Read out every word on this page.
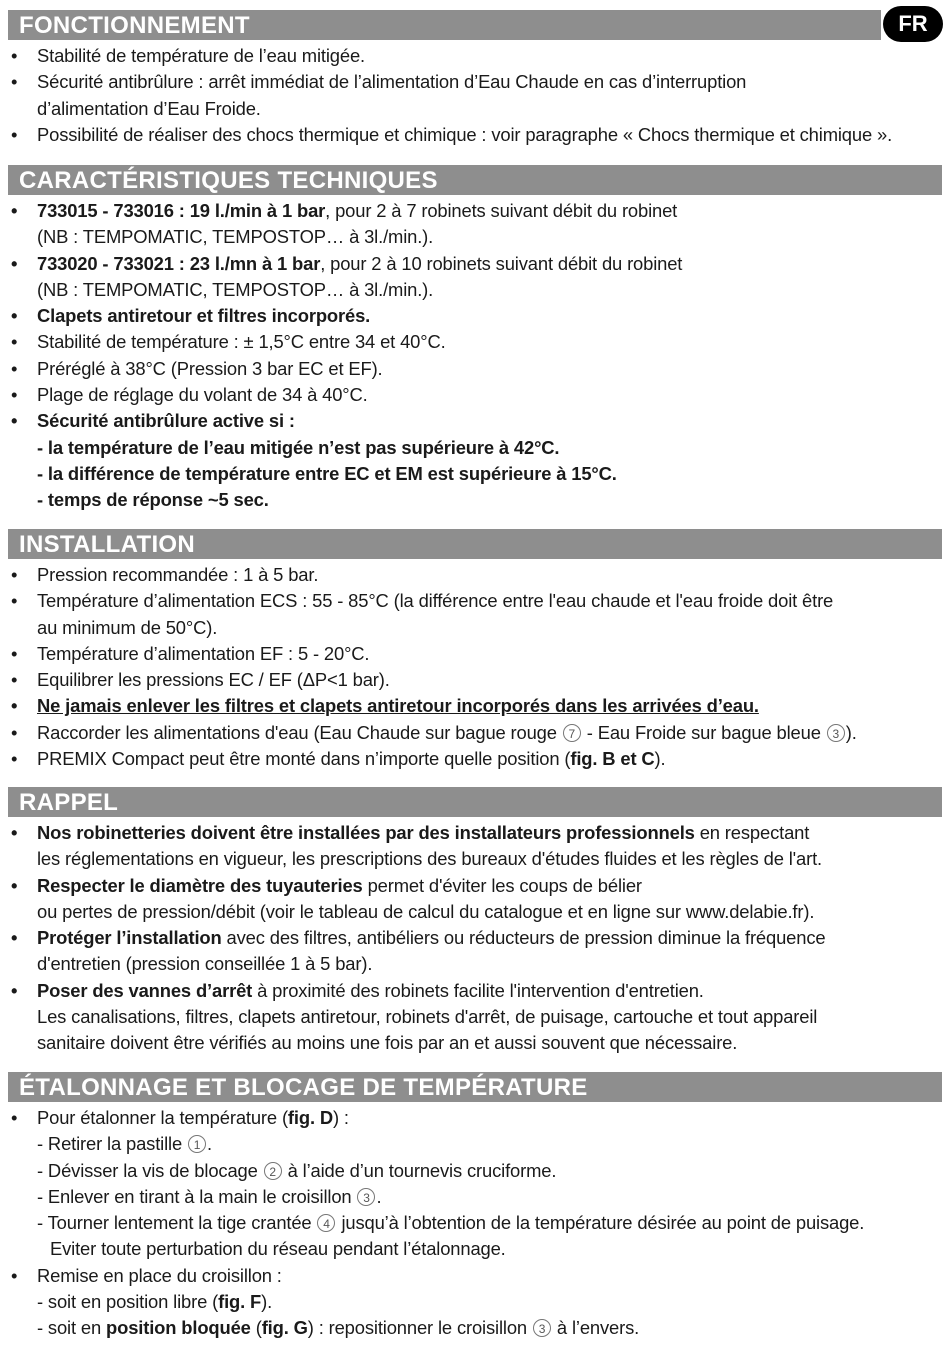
FR
FONCTIONNEMENT
• Stabilité de température de l’eau mitigée.
• Sécurité antibrûlure : arrêt immédiat de l’alimentation d’Eau Chaude en cas d’interruption
d’alimentation d’Eau Froide.
• Possibilité de réaliser des chocs thermique et chimique : voir paragraphe « Chocs thermique et chimique ».
CARACTÉRISTIQUES TECHNIQUES
• 733015 - 733016 : 19 l./min à 1 bar, pour 2 à 7 robinets suivant débit du robinet
(NB : TEMPOMATIC, TEMPOSTOP… à 3l./min.).
• 733020 - 733021 : 23 l./mn à 1 bar, pour 2 à 10 robinets suivant débit du robinet
(NB : TEMPOMATIC, TEMPOSTOP… à 3l./min.).
• Clapets antiretour et filtres incorporés.
• Stabilité de température : ± 1,5°C entre 34 et 40°C.
• Préréglé à 38°C (Pression 3 bar EC et EF).
• Plage de réglage du volant de 34 à 40°C.
• Sécurité antibrûlure active si :
- la température de l’eau mitigée n’est pas supérieure à 42°C.
- la différence de température entre EC et EM est supérieure à 15°C.
- temps de réponse ~5 sec.
INSTALLATION
• Pression recommandée : 1 à 5 bar.
• Température d’alimentation ECS : 55 - 85°C (la différence entre l'eau chaude et l'eau froide doit être
au minimum de 50°C).
• Température d’alimentation EF : 5 - 20°C.
• Equilibrer les pressions EC / EF (ΔP<1 bar).
• Ne jamais enlever les filtres et clapets antiretour incorporés dans les arrivées d’eau.
• Raccorder les alimentations d'eau (Eau Chaude sur bague rouge 7 - Eau Froide sur bague bleue 3 ).
• PREMIX Compact peut être monté dans n’importe quelle position (fig. B et C).
RAPPEL
• Nos robinetteries doivent être installées par des installateurs professionnels en respectant
les réglementations en vigueur, les prescriptions des bureaux d'études fluides et les règles de l'art.
• Respecter le diamètre des tuyauteries permet d'éviter les coups de bélier
ou pertes de pression/débit (voir le tableau de calcul du catalogue et en ligne sur www.delabie.fr).
• Protéger l’installation avec des filtres, antibéliers ou réducteurs de pression diminue la fréquence
d'entretien (pression conseillée 1 à 5 bar).
• Poser des vannes d’arrêt à proximité des robinets facilite l'intervention d'entretien.
Les canalisations, filtres, clapets antiretour, robinets d'arrêt, de puisage, cartouche et tout appareil
sanitaire doivent être vérifiés au moins une fois par an et aussi souvent que nécessaire.
ÉTALONNAGE ET BLOCAGE DE TEMPÉRATURE
• Pour étalonner la température (fig. D) :
- Retirer la pastille 1 .
- Dévisser la vis de blocage 2 à l’aide d’un tournevis cruciforme.
- Enlever en tirant à la main le croisillon 3 .
- Tourner lentement la tige crantée 4 jusqu’à l’obtention de la température désirée au point de puisage.
Eviter toute perturbation du réseau pendant l’étalonnage.
• Remise en place du croisillon :
- soit en position libre (fig. F).
- soit en position bloquée (fig. G) : repositionner le croisillon 3 à l’envers.
